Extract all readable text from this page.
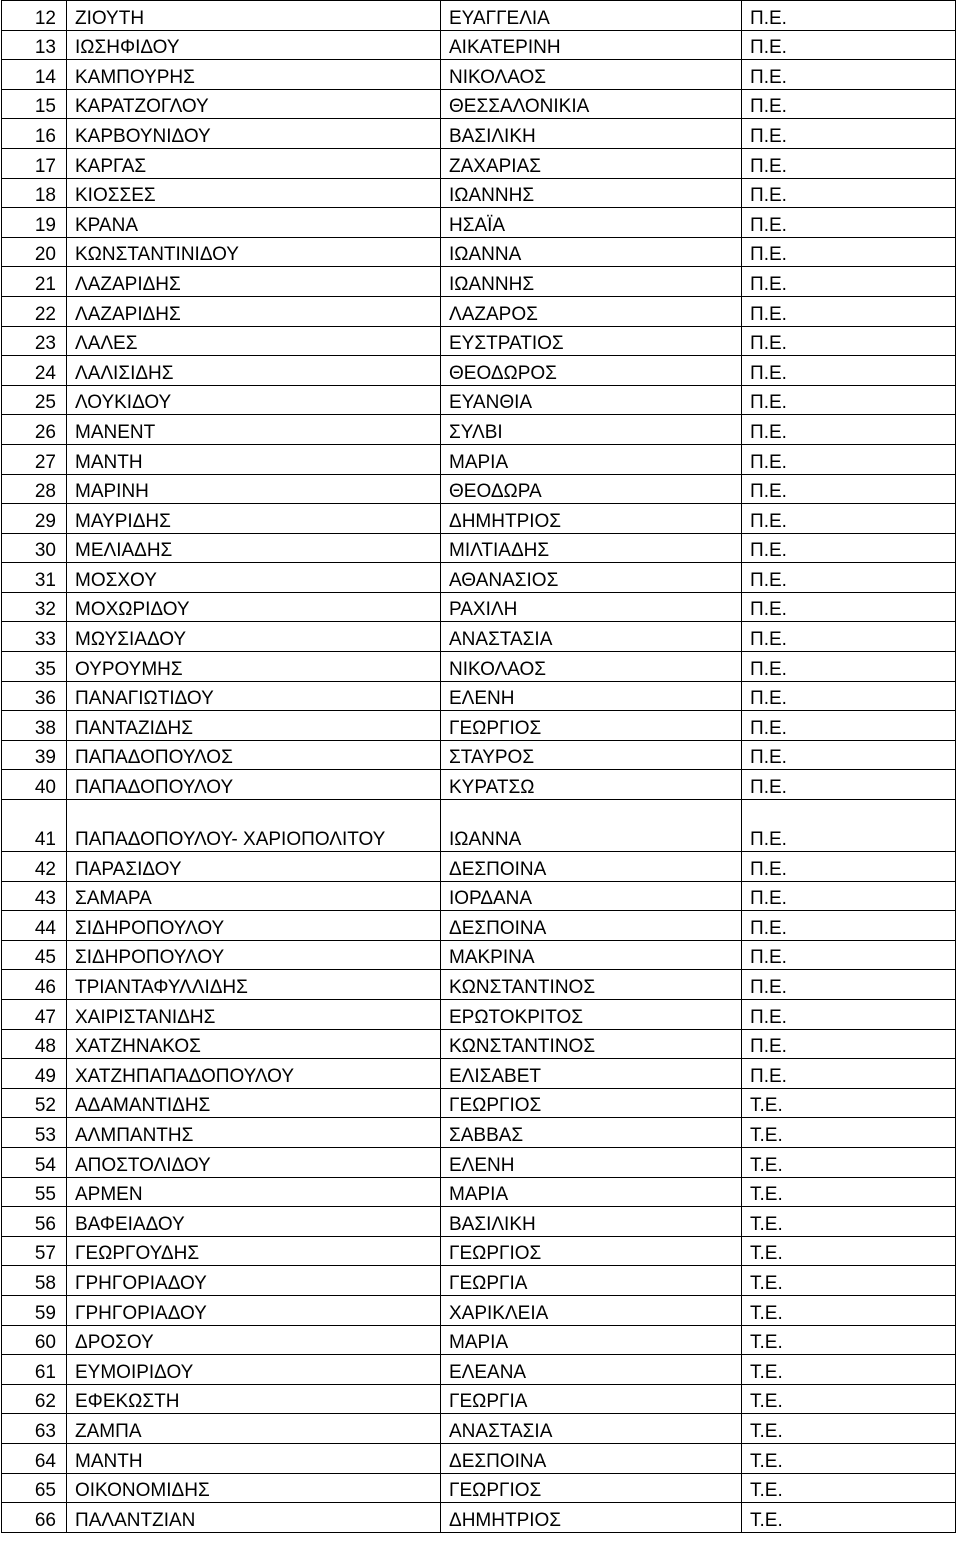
12	ΖΙΟΥΤΗ	ΕΥΑΓΓΕΛΙΑ	Π.Ε.
13	ΙΩΣΗΦΙΔΟΥ	ΑΙΚΑΤΕΡΙΝΗ	Π.Ε.
14	ΚΑΜΠΟΥΡΗΣ	ΝΙΚΟΛΑΟΣ	Π.Ε.
15	ΚΑΡΑΤΖΟΓΛΟΥ	ΘΕΣΣΑΛΟΝΙΚΙΑ	Π.Ε.
16	ΚΑΡΒΟΥΝΙΔΟΥ	ΒΑΣΙΛΙΚΗ	Π.Ε.
17	ΚΑΡΓΑΣ	ΖΑΧΑΡΙΑΣ	Π.Ε.
18	ΚΙΟΣΣΕΣ	ΙΩΑΝΝΗΣ	Π.Ε.
19	ΚΡΑΝΑ	ΗΣΑΪΑ	Π.Ε.
20	ΚΩΝΣΤΑΝΤΙΝΙΔΟΥ	ΙΩΑΝΝΑ	Π.Ε.
21	ΛΑΖΑΡΙΔΗΣ	ΙΩΑΝΝΗΣ	Π.Ε.
22	ΛΑΖΑΡΙΔΗΣ	ΛΑΖΑΡΟΣ	Π.Ε.
23	ΛΑΛΕΣ	ΕΥΣΤΡΑΤΙΟΣ	Π.Ε.
24	ΛΑΛΙΣΙΔΗΣ	ΘΕΟΔΩΡΟΣ	Π.Ε.
25	ΛΟΥΚΙΔΟΥ	ΕΥΑΝΘΙΑ	Π.Ε.
26	ΜΑΝΕΝΤ	ΣΥΛΒΙ	Π.Ε.
27	ΜΑΝΤΗ	ΜΑΡΙΑ	Π.Ε.
28	ΜΑΡΙΝΗ	ΘΕΟΔΩΡΑ	Π.Ε.
29	ΜΑΥΡΙΔΗΣ	ΔΗΜΗΤΡΙΟΣ	Π.Ε.
30	ΜΕΛΙΑΔΗΣ	ΜΙΛΤΙΑΔΗΣ	Π.Ε.
31	ΜΟΣΧΟΥ	ΑΘΑΝΑΣΙΟΣ	Π.Ε.
32	ΜΟΧΩΡΙΔΟΥ	ΡΑΧΙΛΗ	Π.Ε.
33	ΜΩΥΣΙΑΔΟΥ	ΑΝΑΣΤΑΣΙΑ	Π.Ε.
35	ΟΥΡΟΥΜΗΣ	ΝΙΚΟΛΑΟΣ	Π.Ε.
36	ΠΑΝΑΓΙΩΤΙΔΟΥ	ΕΛΕΝΗ	Π.Ε.
38	ΠΑΝΤΑΖΙΔΗΣ	ΓΕΩΡΓΙΟΣ	Π.Ε.
39	ΠΑΠΑΔΟΠΟΥΛΟΣ	ΣΤΑΥΡΟΣ	Π.Ε.
40	ΠΑΠΑΔΟΠΟΥΛΟΥ	ΚΥΡΑΤΣΩ	Π.Ε.
41	ΠΑΠΑΔΟΠΟΥΛΟΥ- ΧΑΡΙΟΠΟΛΙΤΟΥ	ΙΩΑΝΝΑ	Π.Ε.
42	ΠΑΡΑΣΙΔΟΥ	ΔΕΣΠΟΙΝΑ	Π.Ε.
43	ΣΑΜΑΡΑ	ΙΟΡΔΑΝΑ	Π.Ε.
44	ΣΙΔΗΡΟΠΟΥΛΟΥ	ΔΕΣΠΟΙΝΑ	Π.Ε.
45	ΣΙΔΗΡΟΠΟΥΛΟΥ	ΜΑΚΡΙΝΑ	Π.Ε.
46	ΤΡΙΑΝΤΑΦΥΛΛΙΔΗΣ	ΚΩΝΣΤΑΝΤΙΝΟΣ	Π.Ε.
47	ΧΑΙΡΙΣΤΑΝΙΔΗΣ	ΕΡΩΤΟΚΡΙΤΟΣ	Π.Ε.
48	ΧΑΤΖΗΝΑΚΟΣ	ΚΩΝΣΤΑΝΤΙΝΟΣ	Π.Ε.
49	ΧΑΤΖΗΠΑΠΑΔΟΠΟΥΛΟΥ	ΕΛΙΣΑΒΕΤ	Π.Ε.
52	ΑΔΑΜΑΝΤΙΔΗΣ	ΓΕΩΡΓΙΟΣ	Τ.Ε.
53	ΑΛΜΠΑΝΤΗΣ	ΣΑΒΒΑΣ	Τ.Ε.
54	ΑΠΟΣΤΟΛΙΔΟΥ	ΕΛΕΝΗ	Τ.Ε.
55	ΑΡΜΕΝ	ΜΑΡΙΑ	Τ.Ε.
56	ΒΑΦΕΙΑΔΟΥ	ΒΑΣΙΛΙΚΗ	Τ.Ε.
57	ΓΕΩΡΓΟΥΔΗΣ	ΓΕΩΡΓΙΟΣ	Τ.Ε.
58	ΓΡΗΓΟΡΙΑΔΟΥ	ΓΕΩΡΓΙΑ	Τ.Ε.
59	ΓΡΗΓΟΡΙΑΔΟΥ	ΧΑΡΙΚΛΕΙΑ	Τ.Ε.
60	ΔΡΟΣΟΥ	ΜΑΡΙΑ	Τ.Ε.
61	ΕΥΜΟΙΡΙΔΟΥ	ΕΛΕΑΝΑ	Τ.Ε.
62	ΕΦΕΚΩΣΤΗ	ΓΕΩΡΓΙΑ	Τ.Ε.
63	ΖΑΜΠΑ	ΑΝΑΣΤΑΣΙΑ	Τ.Ε.
64	ΜΑΝΤΗ	ΔΕΣΠΟΙΝΑ	Τ.Ε.
65	ΟΙΚΟΝΟΜΙΔΗΣ	ΓΕΩΡΓΙΟΣ	Τ.Ε.
66	ΠΑΛΑΝΤΖΙΑΝ	ΔΗΜΗΤΡΙΟΣ	Τ.Ε.
